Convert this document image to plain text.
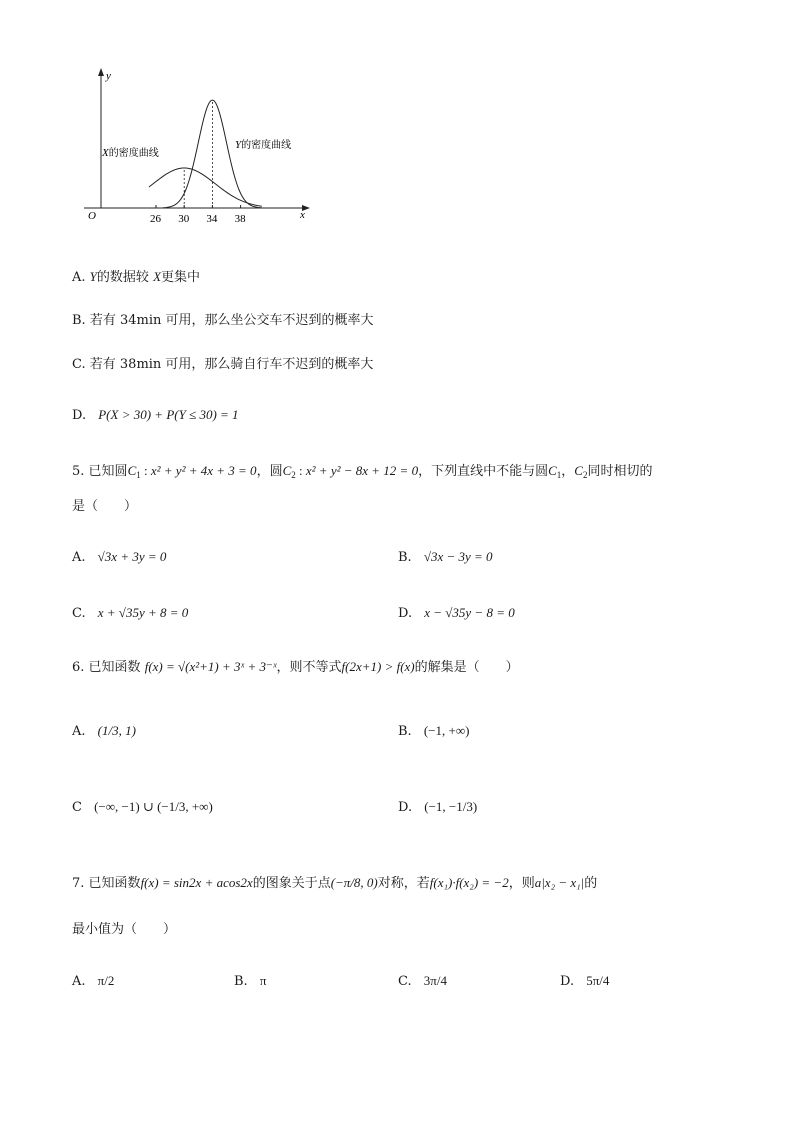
y
x
O	26 30 34 38
X的密度曲线
Y的密度曲线
A. Y的数据较 X更集中
B. 若有 34min 可用，那么坐公交车不迟到的概率大
C. 若有 38min 可用，那么骑自行车不迟到的概率大
D. P(X > 30) + P(Y ≤ 30) = 1
5. 已知圆$C_1$ : x² + y² + 4x + 3 = 0，圆$C_2$ : x² + y² − 8x + 12 = 0，下列直线中不能与圆$C_1$，$C_2$同时相切的
是（　　）
A. √3x + 3y = 0	B. √3x − 3y = 0
C. x + √35y + 8 = 0	D. x − √35y − 8 = 0
6. 已知函数 f(x) = √(x²+1) + 3ˣ + 3⁻ˣ，则不等式f(2x+1) > f(x)的解集是（　　）
A. (1/3, 1)	B. (−1, +∞)
C (−∞, −1) ∪ (−1/3, +∞)	D. (−1, −1/3)
7. 已知函数f(x) = sin2x + acos2x的图象关于点(−π/8, 0)对称，若f(x₁)·f(x₂) = −2，则a|x₂ − x₁|的
最小值为（　　）
A. π/2	B. π	C. 3π/4	D. 5π/4
